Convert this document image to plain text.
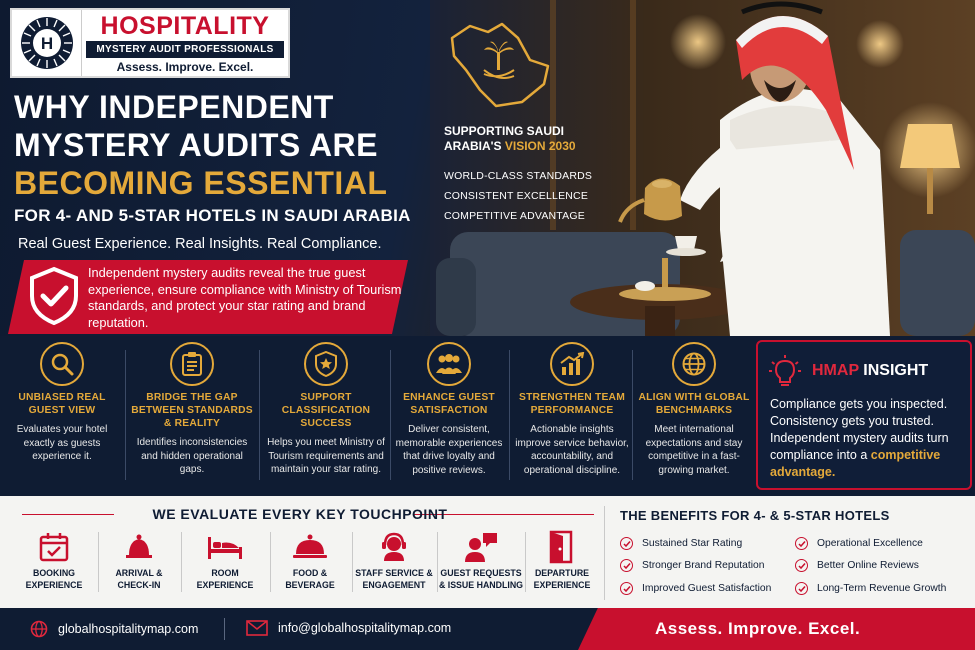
H
HOSPITALITY
MYSTERY AUDIT PROFESSIONALS
Assess. Improve. Excel.
WHY INDEPENDENT
MYSTERY AUDITS ARE
BECOMING ESSENTIAL
FOR 4- AND 5-STAR HOTELS IN SAUDI ARABIA
Real Guest Experience. Real Insights. Real Compliance.
Independent mystery audits reveal the true guest experience, ensure compliance with Ministry of Tourism standards, and protect your star rating and brand reputation.
SUPPORTING SAUDI ARABIA'S VISION 2030
WORLD-CLASS STANDARDS
CONSISTENT EXCELLENCE
COMPETITIVE ADVANTAGE
UNBIASED REAL GUEST VIEW
Evaluates your hotel exactly as guests experience it.
BRIDGE THE GAP BETWEEN STANDARDS & REALITY
Identifies inconsistencies and hidden operational gaps.
SUPPORT CLASSIFICATION SUCCESS
Helps you meet Ministry of Tourism requirements and maintain your star rating.
ENHANCE GUEST SATISFACTION
Deliver consistent, memorable experiences that drive loyalty and positive reviews.
STRENGTHEN TEAM PERFORMANCE
Actionable insights improve service behavior, accountability, and operational discipline.
ALIGN WITH GLOBAL BENCHMARKS
Meet international expectations and stay competitive in a fast-growing market.
HMAP INSIGHT
Compliance gets you inspected. Consistency gets you trusted. Independent mystery audits turn compliance into a competitive advantage.
WE EVALUATE EVERY KEY TOUCHPOINT
BOOKING
EXPERIENCE
ARRIVAL &
CHECK-IN
ROOM
EXPERIENCE
FOOD &
BEVERAGE
STAFF SERVICE &
ENGAGEMENT
GUEST REQUESTS
& ISSUE HANDLING
DEPARTURE
EXPERIENCE
THE BENEFITS FOR 4- & 5-STAR HOTELS
Sustained Star Rating
Stronger Brand Reputation
Improved Guest Satisfaction
Operational Excellence
Better Online Reviews
Long-Term Revenue Growth
globalhospitalitymap.com	info@globalhospitalitymap.com	Assess. Improve. Excel.
